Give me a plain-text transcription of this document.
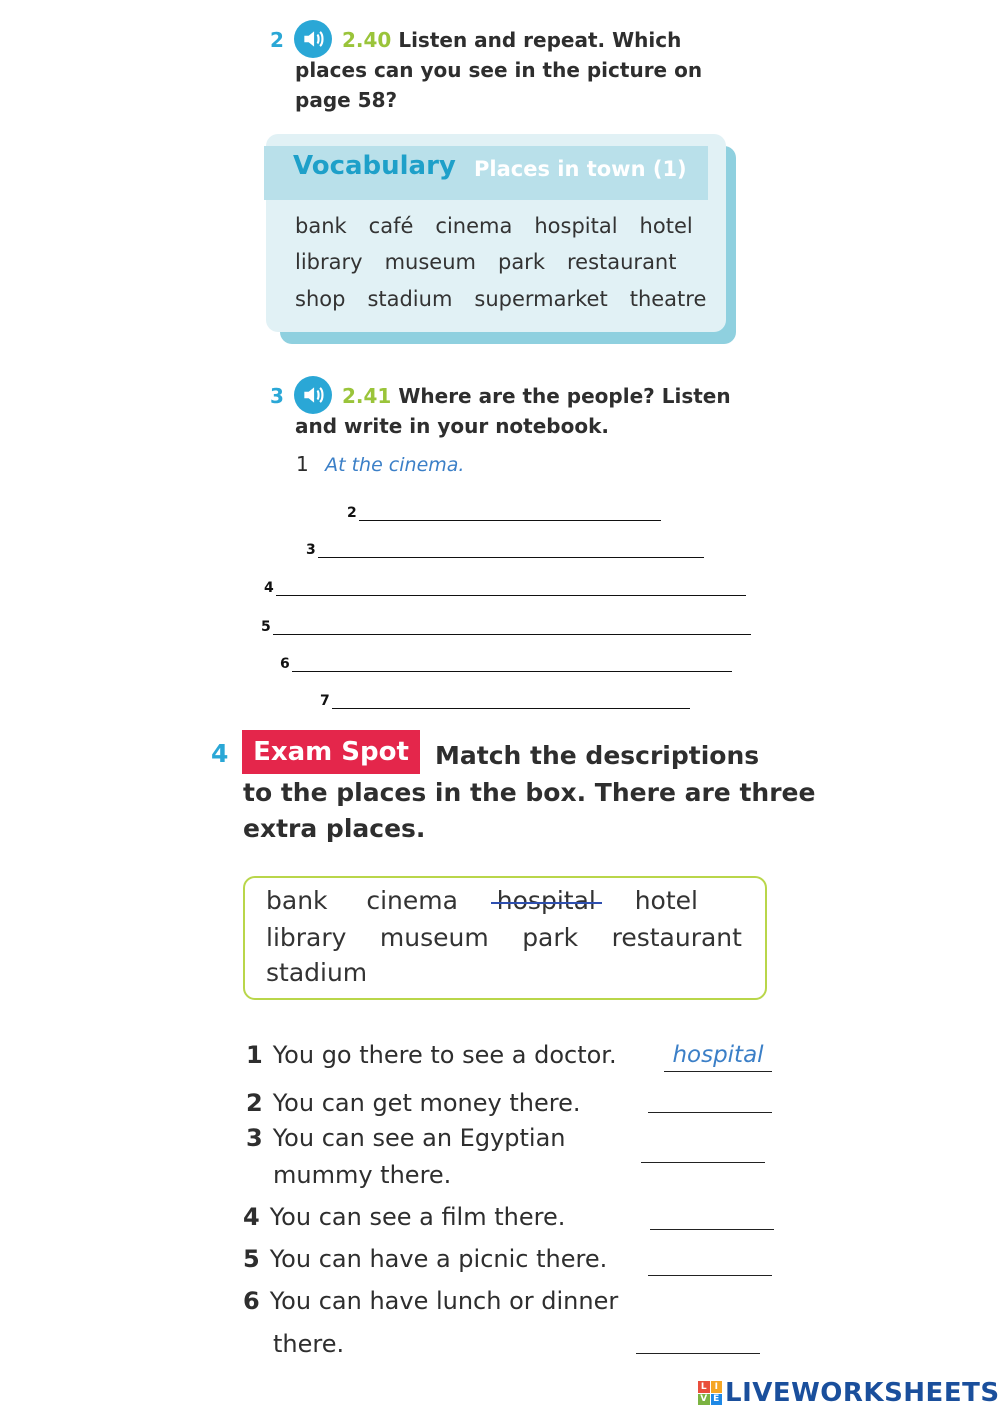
2	2.40 Listen and repeat. Which
places can you see in the picture on
page 58?
Vocabulary Places in town (1)
bank café cinema hospital hotel
library museum park restaurant
shop stadium supermarket theatre
3	2.41 Where are the people? Listen
and write in your notebook.
1 At the cinema.
2
3
4
5
6
7
4 Exam Spot	Match the descriptions
to the places in the box. There are three
extra places.
bank cinema hospital hotel
library museum park restaurant
stadium
1 You go there to see a doctor.	hospital
2 You can get money there.
3 You can see an Egyptian
mummy there.
4 You can see a film there.
5 You can have a picnic there.
6 You can have lunch or dinner
there.
L I
V E LIVEWORKSHEETS
